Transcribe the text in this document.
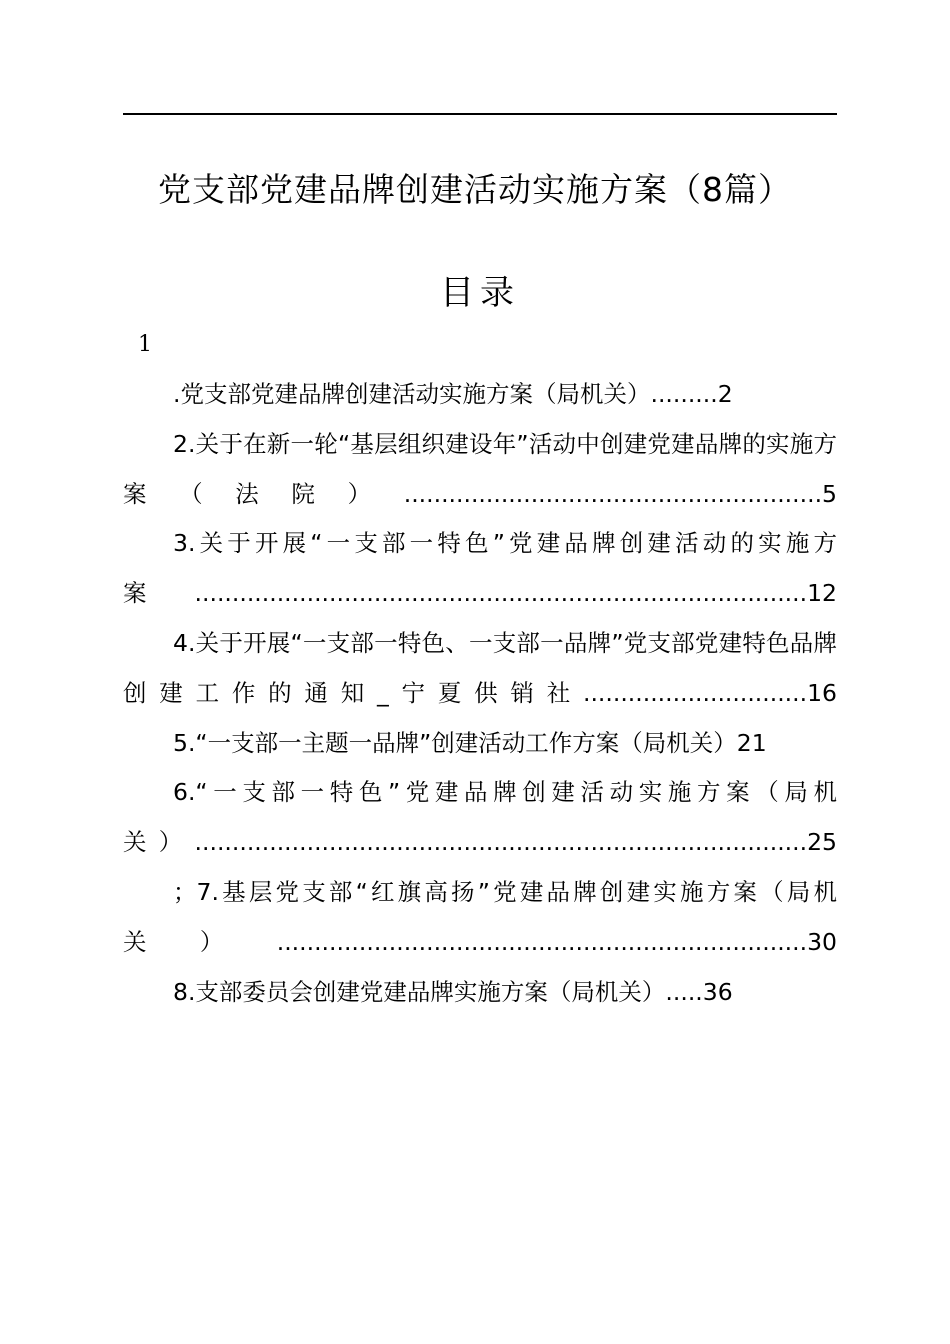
党支部党建品牌创建活动实施方案（8篇）
目录
1
.党支部党建品牌创建活动实施方案（局机关）.........2
2.关于在新一轮“基层组织建设年”活动中创建党建品牌的实施方案（法院）........................................................5
3.关于开展“一支部一特色”党建品牌创建活动的实施方案..................................................................................12
4.关于开展“一支部一特色、一支部一品牌”党支部党建特色品牌创建工作的通知_宁夏供销社..............................16
5.“一支部一主题一品牌”创建活动工作方案（局机关）21
6.“一支部一特色”党建品牌创建活动实施方案（局机关）..................................................................................25
；7.基层党支部“红旗高扬”党建品牌创建实施方案（局机关）.......................................................................30
8.支部委员会创建党建品牌实施方案（局机关）.....36
